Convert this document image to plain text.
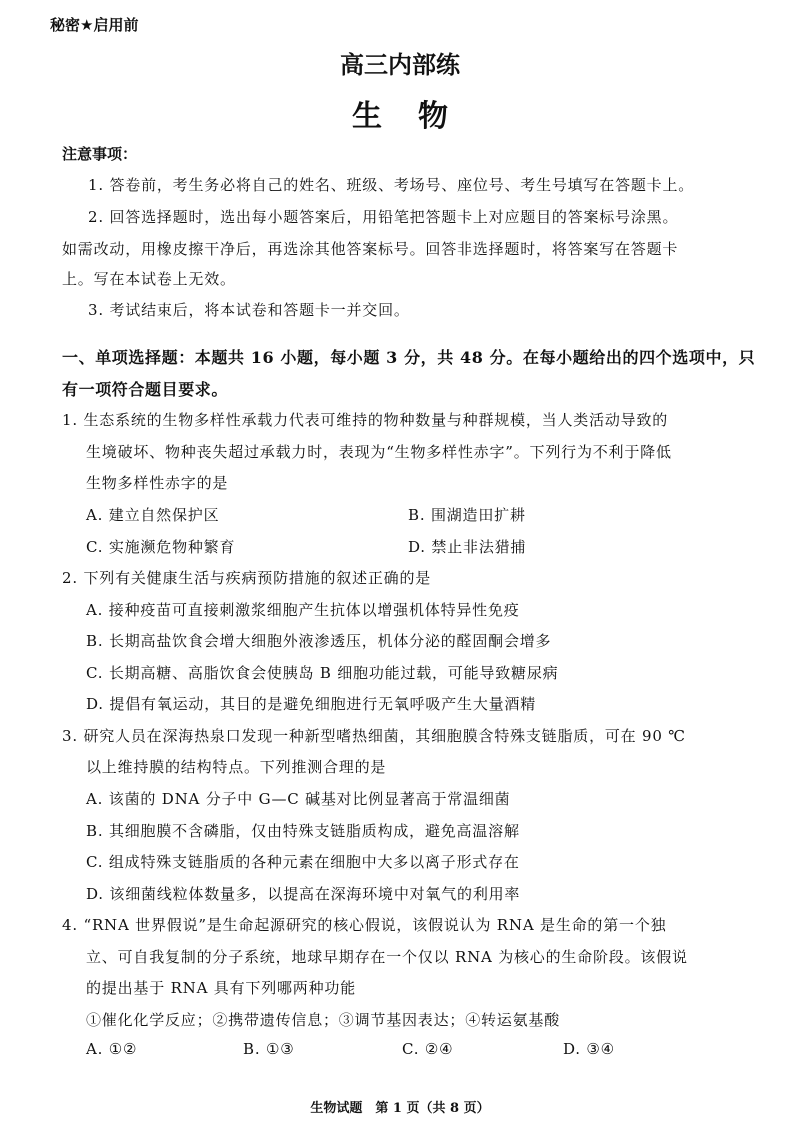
秘密★启用前
高三内部练
生物
注意事项：
1. 答卷前，考生务必将自己的姓名、班级、考场号、座位号、考生号填写在答题卡上。
2. 回答选择题时，选出每小题答案后，用铅笔把答题卡上对应题目的答案标号涂黑。
如需改动，用橡皮擦干净后，再选涂其他答案标号。回答非选择题时，将答案写在答题卡
上。写在本试卷上无效。
3. 考试结束后，将本试卷和答题卡一并交回。
一、单项选择题：本题共 16 小题，每小题 3 分，共 48 分。在每小题给出的四个选项中，只
有一项符合题目要求。
1. 生态系统的生物多样性承载力代表可维持的物种数量与种群规模，当人类活动导致的
生境破坏、物种丧失超过承载力时，表现为“生物多样性赤字”。下列行为不利于降低
生物多样性赤字的是
A. 建立自然保护区	B. 围湖造田扩耕
C. 实施濒危物种繁育	D. 禁止非法猎捕
2. 下列有关健康生活与疾病预防措施的叙述正确的是
A. 接种疫苗可直接刺激浆细胞产生抗体以增强机体特异性免疫
B. 长期高盐饮食会增大细胞外液渗透压，机体分泌的醛固酮会增多
C. 长期高糖、高脂饮食会使胰岛 B 细胞功能过载，可能导致糖尿病
D. 提倡有氧运动，其目的是避免细胞进行无氧呼吸产生大量酒精
3. 研究人员在深海热泉口发现一种新型嗜热细菌，其细胞膜含特殊支链脂质，可在 90 ℃
以上维持膜的结构特点。下列推测合理的是
A. 该菌的 DNA 分子中 G—C 碱基对比例显著高于常温细菌
B. 其细胞膜不含磷脂，仅由特殊支链脂质构成，避免高温溶解
C. 组成特殊支链脂质的各种元素在细胞中大多以离子形式存在
D. 该细菌线粒体数量多，以提高在深海环境中对氧气的利用率
4. “RNA 世界假说”是生命起源研究的核心假说，该假说认为 RNA 是生命的第一个独
立、可自我复制的分子系统，地球早期存在一个仅以 RNA 为核心的生命阶段。该假说
的提出基于 RNA 具有下列哪两种功能
①催化化学反应；②携带遗传信息；③调节基因表达；④转运氨基酸
A. ①②	B. ①③	C. ②④	D. ③④
生物试题　第 1 页（共 8 页）
